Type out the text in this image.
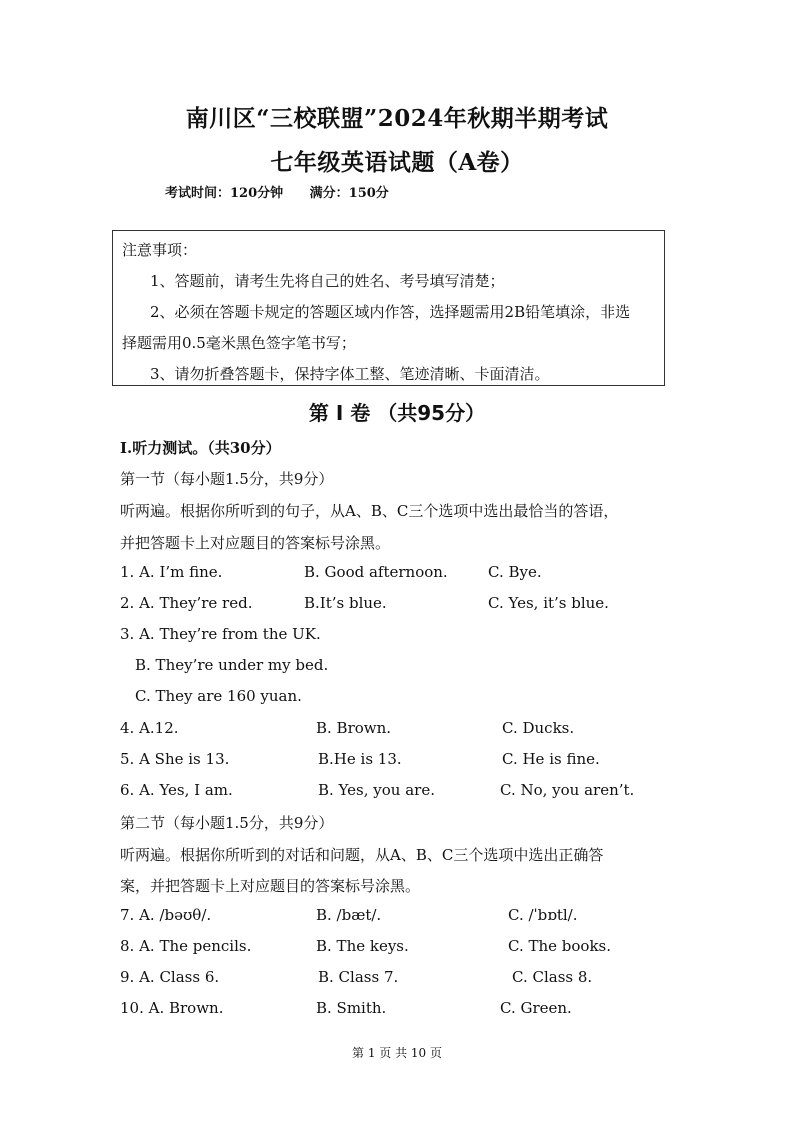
南川区“三校联盟”2024年秋期半期考试
七年级英语试题（A卷）
考试时间：120分钟 满分：150分
注意事项：
1、答题前，请考生先将自己的姓名、考号填写清楚；
2、必须在答题卡规定的答题区域内作答，选择题需用2B铅笔填涂，非选
择题需用0.5毫米黑色签字笔书写；
3、请勿折叠答题卡，保持字体工整、笔迹清晰、卡面清洁。
第 Ⅰ 卷 （共95分）
Ⅰ.听力测试。（共30分）
第一节（每小题1.5分，共9分）
听两遍。根据你所听到的句子，从A、B、C三个选项中选出最恰当的答语，
并把答题卡上对应题目的答案标号涂黑。
1. A. I’m fine.	B. Good afternoon.	C. Bye.
2. A. They’re red.	B.It’s blue.	C. Yes, it’s blue.
3. A. They’re from the UK.
B. They’re under my bed.
C. They are 160 yuan.
4. A.12.	B. Brown.	C. Ducks.
5. A She is 13.	B.He is 13.	C. He is fine.
6. A. Yes, I am.	B. Yes, you are.	C. No, you aren’t.
第二节（每小题1.5分，共9分）
听两遍。根据你所听到的对话和问题，从A、B、C三个选项中选出正确答
案，并把答题卡上对应题目的答案标号涂黑。
7. A. /bəʊθ/.	B. /bæt/.	C. /ˈbɒtl/.
8. A. The pencils.	B. The keys.	C. The books.
9. A. Class 6.	B. Class 7.	C. Class 8.
10. A. Brown.	B. Smith.	C. Green.
第 1 页 共 10 页
